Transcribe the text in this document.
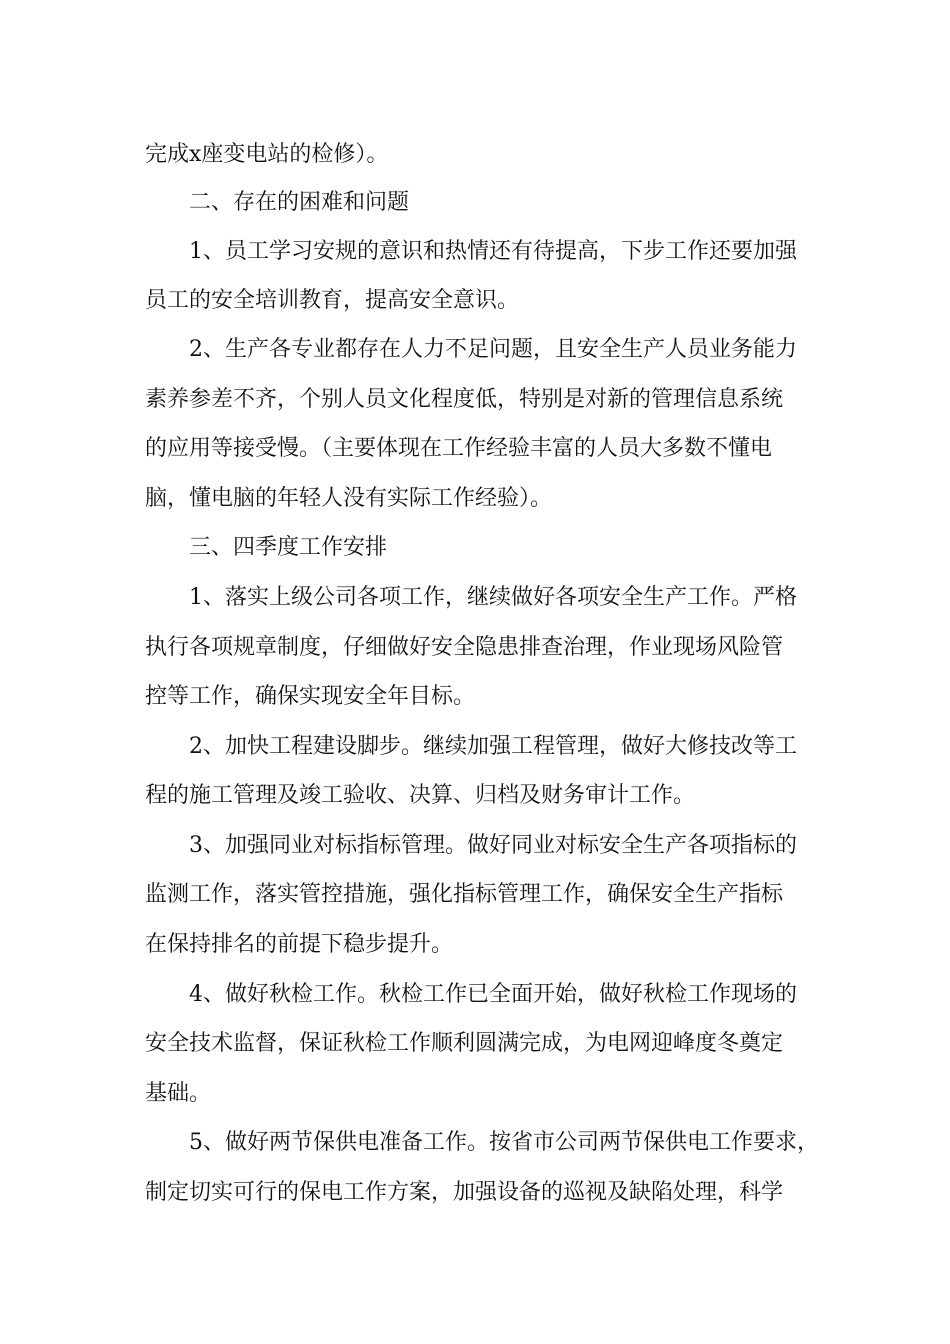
完成x座变电站的检修）。
二、存在的困难和问题
1、员工学习安规的意识和热情还有待提高，下步工作还要加强
员工的安全培训教育，提高安全意识。
2、生产各专业都存在人力不足问题，且安全生产人员业务能力
素养参差不齐，个别人员文化程度低，特别是对新的管理信息系统
的应用等接受慢。（主要体现在工作经验丰富的人员大多数不懂电
脑，懂电脑的年轻人没有实际工作经验）。
三、四季度工作安排
1、落实上级公司各项工作，继续做好各项安全生产工作。严格
执行各项规章制度，仔细做好安全隐患排查治理，作业现场风险管
控等工作，确保实现安全年目标。
2、加快工程建设脚步。继续加强工程管理，做好大修技改等工
程的施工管理及竣工验收、决算、归档及财务审计工作。
3、加强同业对标指标管理。做好同业对标安全生产各项指标的
监测工作，落实管控措施，强化指标管理工作，确保安全生产指标
在保持排名的前提下稳步提升。
4、做好秋检工作。秋检工作已全面开始，做好秋检工作现场的
安全技术监督，保证秋检工作顺利圆满完成，为电网迎峰度冬奠定
基础。
5、做好两节保供电准备工作。按省市公司两节保供电工作要求，
制定切实可行的保电工作方案，加强设备的巡视及缺陷处理，科学
